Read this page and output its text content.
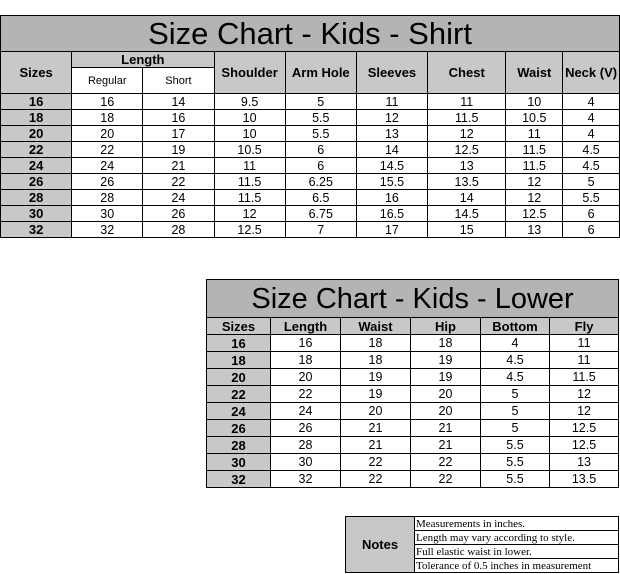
Size Chart - Kids - Shirt								
Sizes	Length		Shoulder	Arm Hole	Sleeves	Chest	Waist	Neck (V)
	Regular	Short						
16	16	14	9.5	5	11	11	10	4
18	18	16	10	5.5	12	11.5	10.5	4
20	20	17	10	5.5	13	12	11	4
22	22	19	10.5	6	14	12.5	11.5	4.5
24	24	21	11	6	14.5	13	11.5	4.5
26	26	22	11.5	6.25	15.5	13.5	12	5
28	28	24	11.5	6.5	16	14	12	5.5
30	30	26	12	6.75	16.5	14.5	12.5	6
32	32	28	12.5	7	17	15	13	6
Size Chart - Kids - Lower					
Sizes	Length	Waist	Hip	Bottom	Fly
16	16	18	18	4	11
18	18	18	19	4.5	11
20	20	19	19	4.5	11.5
22	22	19	20	5	12
24	24	20	20	5	12
26	26	21	21	5	12.5
28	28	21	21	5.5	12.5
30	30	22	22	5.5	13
32	32	22	22	5.5	13.5
Notes	Measurements in inches.
Length may vary according to style.
Full elastic waist in lower.
Tolerance of 0.5 inches in measurement
